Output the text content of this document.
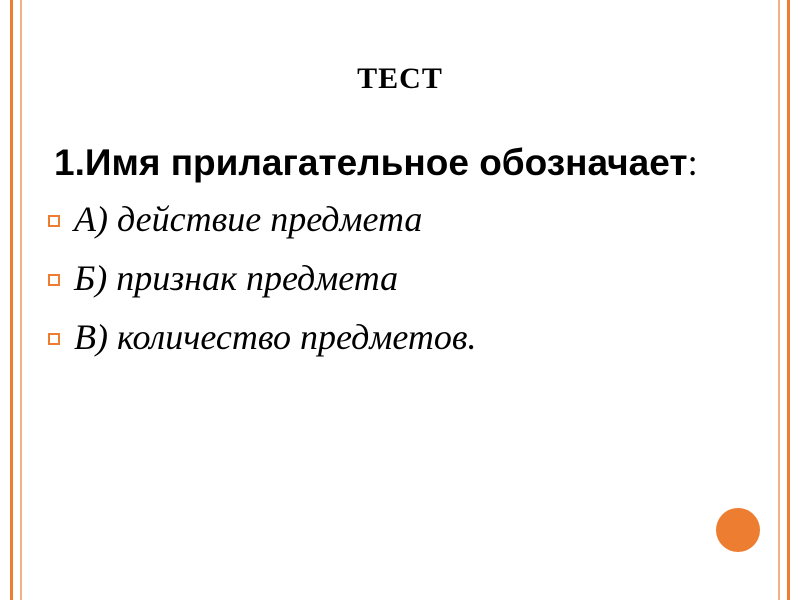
ТЕСТ

1.Имя прилагательное обозначает:

А) действие предмета
Б) признак предмета
В) количество предметов.
